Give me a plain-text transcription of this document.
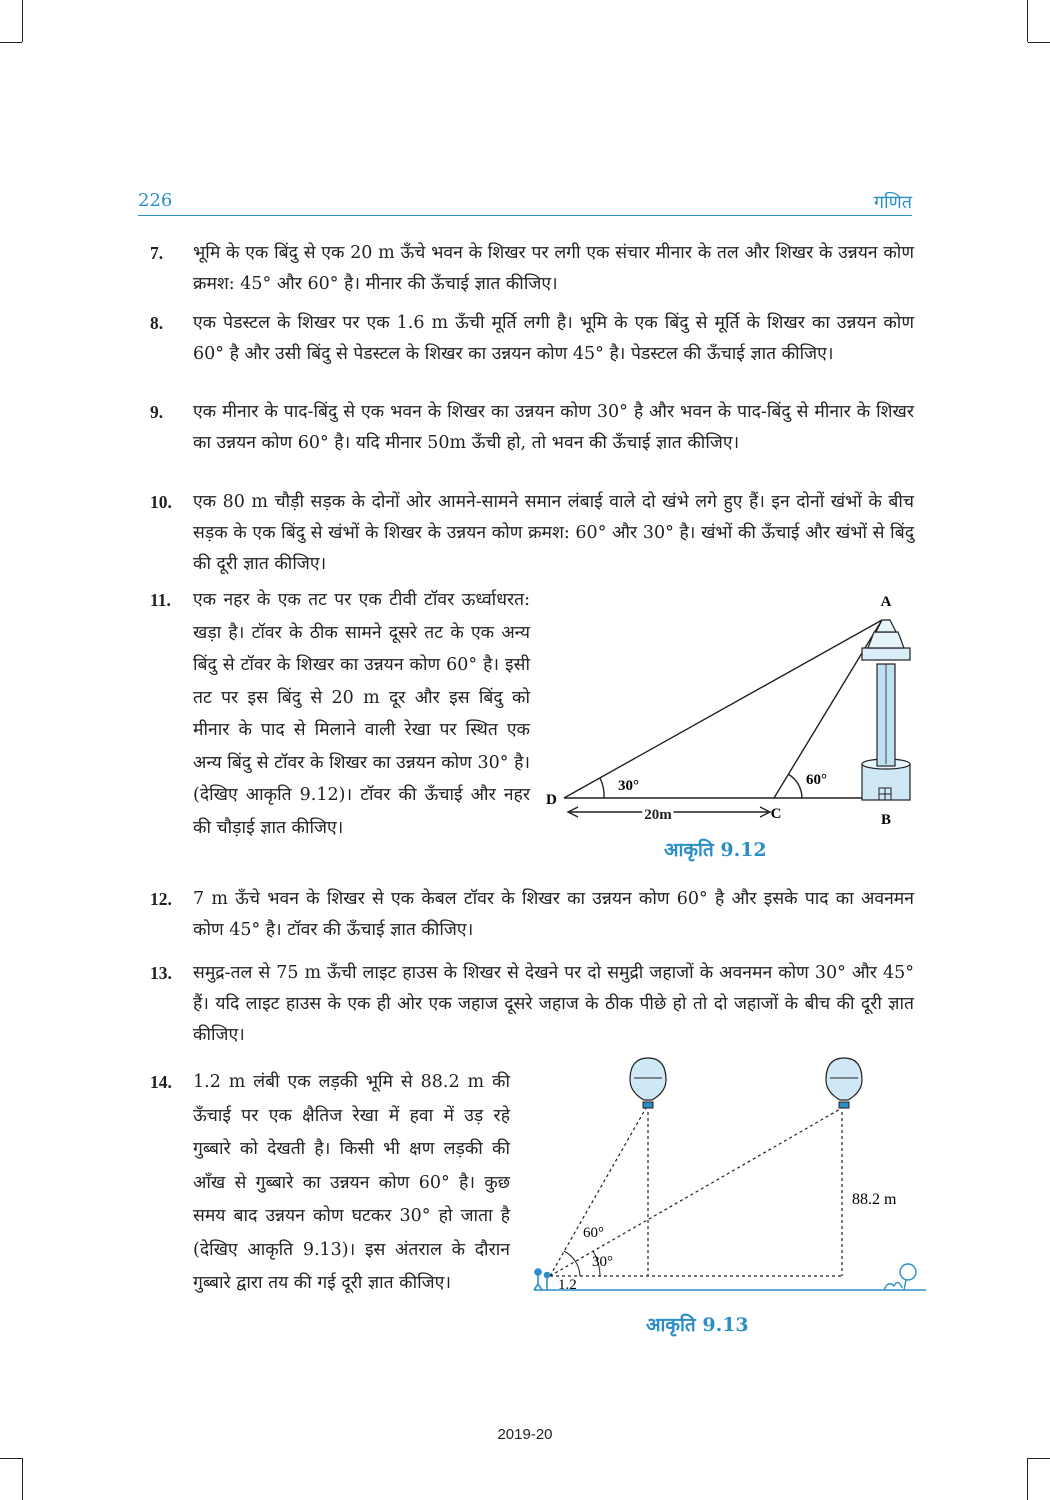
226	गणित
7.	भूमि के एक बिंदु से एक 20 m ऊँचे भवन के शिखर पर लगी एक संचार मीनार के तल और शिखर के उन्नयन कोण क्रमश: 45° और 60° है। मीनार की ऊँचाई ज्ञात कीजिए।
8.	एक पेडस्टल के शिखर पर एक 1.6 m ऊँची मूर्ति लगी है। भूमि के एक बिंदु से मूर्ति के शिखर का उन्नयन कोण 60° है और उसी बिंदु से पेडस्टल के शिखर का उन्नयन कोण 45° है। पेडस्टल की ऊँचाई ज्ञात कीजिए।
9.	एक मीनार के पाद-बिंदु से एक भवन के शिखर का उन्नयन कोण 30° है और भवन के पाद-बिंदु से मीनार के शिखर का उन्नयन कोण 60° है। यदि मीनार 50m ऊँची हो, तो भवन की ऊँचाई ज्ञात कीजिए।
10.	एक 80 m चौड़ी सड़क के दोनों ओर आमने-सामने समान लंबाई वाले दो खंभे लगे हुए हैं। इन दोनों खंभों के बीच सड़क के एक बिंदु से खंभों के शिखर के उन्नयन कोण क्रमश: 60° और 30° है। खंभों की ऊँचाई और खंभों से बिंदु की दूरी ज्ञात कीजिए।
11.	एक नहर के एक तट पर एक टीवी टॉवर ऊर्ध्वाधरत: खड़ा है। टॉवर के ठीक सामने दूसरे तट के एक अन्य बिंदु से टॉवर के शिखर का उन्नयन कोण 60° है। इसी तट पर इस बिंदु से 20 m दूर और इस बिंदु को मीनार के पाद से मिलाने वाली रेखा पर स्थित एक अन्य बिंदु से टॉवर के शिखर का उन्नयन कोण 30° है। (देखिए आकृति 9.12)। टॉवर की ऊँचाई और नहर की चौड़ाई ज्ञात कीजिए।
A
B
C
D
30°	60°
20m
आकृति 9.12
12.	7 m ऊँचे भवन के शिखर से एक केबल टॉवर के शिखर का उन्नयन कोण 60° है और इसके पाद का अवनमन कोण 45° है। टॉवर की ऊँचाई ज्ञात कीजिए।
13.	समुद्र-तल से 75 m ऊँची लाइट हाउस के शिखर से देखने पर दो समुद्री जहाजों के अवनमन कोण 30° और 45° हैं। यदि लाइट हाउस के एक ही ओर एक जहाज दूसरे जहाज के ठीक पीछे हो तो दो जहाजों के बीच की दूरी ज्ञात कीजिए।
14.	1.2 m लंबी एक लड़की भूमि से 88.2 m की ऊँचाई पर एक क्षैतिज रेखा में हवा में उड़ रहे गुब्बारे को देखती है। किसी भी क्षण लड़की की आँख से गुब्बारे का उन्नयन कोण 60° है। कुछ समय बाद उन्नयन कोण घटकर 30° हो जाता है (देखिए आकृति 9.13)। इस अंतराल के दौरान गुब्बारे द्वारा तय की गई दूरी ज्ञात कीजिए।
88.2 m
60°
30°
1.2
आकृति 9.13
2019-20
